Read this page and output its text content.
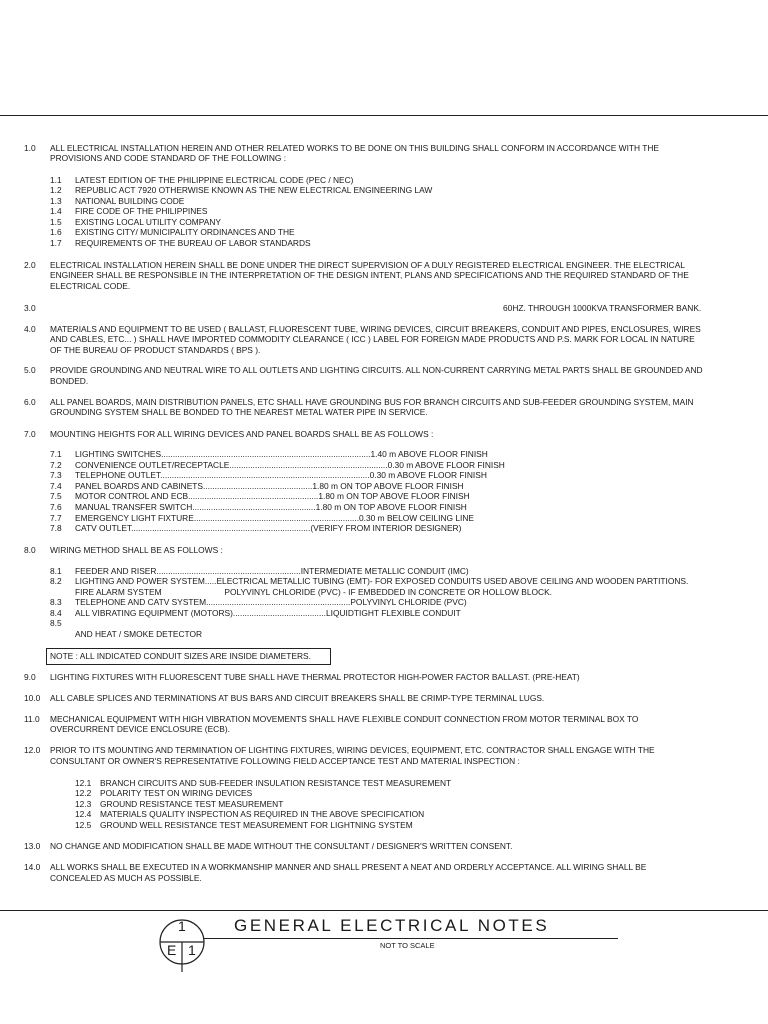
1.0 ALL ELECTRICAL INSTALLATION HEREIN AND OTHER RELATED WORKS TO BE DONE ON THIS BUILDING SHALL CONFORM IN ACCORDANCE WITH THE
PROVISIONS AND CODE STANDARD OF THE FOLLOWING :
1.1 LATEST EDITION OF THE PHILIPPINE ELECTRICAL CODE (PEC / NEC)
1.2 REPUBLIC ACT 7920 OTHERWISE KNOWN AS THE NEW ELECTRICAL ENGINEERING LAW
1.3 NATIONAL BUILDING CODE
1.4 FIRE CODE OF THE PHILIPPINES
1.5 EXISTING LOCAL UTILITY COMPANY
1.6 EXISTING CITY/ MUNICIPALITY ORDINANCES AND THE
1.7 REQUIREMENTS OF THE BUREAU OF LABOR STANDARDS
2.0 ELECTRICAL INSTALLATION HEREIN SHALL BE DONE UNDER THE DIRECT SUPERVISION OF A DULY REGISTERED ELECTRICAL ENGINEER. THE ELECTRICAL
ENGINEER SHALL BE RESPONSIBLE IN THE INTERPRETATION OF THE DESIGN INTENT, PLANS AND SPECIFICATIONS AND THE REQUIRED STANDARD OF THE
ELECTRICAL CODE.
3.0	60HZ. THROUGH 1000KVA TRANSFORMER BANK.
4.0 MATERIALS AND EQUIPMENT TO BE USED ( BALLAST, FLUORESCENT TUBE, WIRING DEVICES, CIRCUIT BREAKERS, CONDUIT AND PIPES, ENCLOSURES, WIRES
AND CABLES, ETC... ) SHALL HAVE IMPORTED COMMODITY CLEARANCE ( ICC ) LABEL FOR FOREIGN MADE PRODUCTS AND P.S. MARK FOR LOCAL IN NATURE
OF THE BUREAU OF PRODUCT STANDARDS ( BPS ).
5.0 PROVIDE GROUNDING AND NEUTRAL WIRE TO ALL OUTLETS AND LIGHTING CIRCUITS. ALL NON-CURRENT CARRYING METAL PARTS SHALL BE GROUNDED AND
BONDED.
6.0 ALL PANEL BOARDS, MAIN DISTRIBUTION PANELS, ETC SHALL HAVE GROUNDING BUS FOR BRANCH CIRCUITS AND SUB-FEEDER GROUNDING SYSTEM, MAIN
GROUNDING SYSTEM SHALL BE BONDED TO THE NEAREST METAL WATER PIPE IN SERVICE.
7.0 MOUNTING HEIGHTS FOR ALL WIRING DEVICES AND PANEL BOARDS SHALL BE AS FOLLOWS :
7.1 LIGHTING SWITCHES..........................................................................................1.40 m ABOVE FLOOR FINISH
7.2 CONVENIENCE OUTLET/RECEPTACLE....................................................................0.30 m ABOVE FLOOR FINISH
7.3 TELEPHONE OUTLET..........................................................................................0.30 m ABOVE FLOOR FINISH
7.4 PANEL BOARDS AND CABINETS...............................................1.80 m ON TOP ABOVE FLOOR FINISH
7.5 MOTOR CONTROL AND ECB........................................................1.80 m ON TOP ABOVE FLOOR FINISH
7.6 MANUAL TRANSFER SWITCH.....................................................1.80 m ON TOP ABOVE FLOOR FINISH
7.7 EMERGENCY LIGHT FIXTURE.......................................................................0.30 m BELOW CEILING LINE
7.8 CATV OUTLET.............................................................................(VERIFY FROM INTERIOR DESIGNER)
8.0 WIRING METHOD SHALL BE AS FOLLOWS :
8.1 FEEDER AND RISER..............................................................INTERMEDIATE METALLIC CONDUIT (IMC)
8.2 LIGHTING AND POWER SYSTEM.....ELECTRICAL METALLIC TUBING (EMT)- FOR EXPOSED CONDUITS USED ABOVE CEILING AND WOODEN PARTITIONS.
FIRE ALARM SYSTEM                           POLYVINYL CHLORIDE (PVC) - IF EMBEDDED IN CONCRETE OR HOLLOW BLOCK.
8.3 TELEPHONE AND CATV SYSTEM..............................................................POLYVINYL CHLORIDE (PVC)
8.4 ALL VIBRATING EQUIPMENT (MOTORS)........................................LIQUIDTIGHT FLEXIBLE CONDUIT
8.5
AND HEAT / SMOKE DETECTOR
NOTE : ALL INDICATED CONDUIT SIZES ARE INSIDE DIAMETERS.
9.0 LIGHTING FIXTURES WITH FLUORESCENT TUBE SHALL HAVE THERMAL PROTECTOR HIGH-POWER FACTOR BALLAST. (PRE-HEAT)
10.0 ALL CABLE SPLICES AND TERMINATIONS AT BUS BARS AND CIRCUIT BREAKERS SHALL BE CRIMP-TYPE TERMINAL LUGS.
11.0 MECHANICAL EQUIPMENT WITH HIGH VIBRATION MOVEMENTS SHALL HAVE FLEXIBLE CONDUIT CONNECTION FROM MOTOR TERMINAL BOX TO
OVERCURRENT DEVICE ENCLOSURE (ECB).
12.0 PRIOR TO ITS MOUNTING AND TERMINATION OF LIGHTING FIXTURES, WIRING DEVICES, EQUIPMENT, ETC. CONTRACTOR SHALL ENGAGE WITH THE
CONSULTANT OR OWNER'S REPRESENTATIVE FOLLOWING FIELD ACCEPTANCE TEST AND MATERIAL INSPECTION :
12.1 BRANCH CIRCUITS AND SUB-FEEDER INSULATION RESISTANCE TEST MEASUREMENT
12.2 POLARITY TEST ON WIRING DEVICES
12.3 GROUND RESISTANCE TEST MEASUREMENT
12.4 MATERIALS QUALITY INSPECTION AS REQUIRED IN THE ABOVE SPECIFICATION
12.5 GROUND WELL RESISTANCE TEST MEASUREMENT FOR LIGHTNING SYSTEM
13.0 NO CHANGE AND MODIFICATION SHALL BE MADE WITHOUT THE CONSULTANT / DESIGNER'S WRITTEN CONSENT.
14.0 ALL WORKS SHALL BE EXECUTED IN A WORKMANSHIP MANNER AND SHALL PRESENT A NEAT AND ORDERLY ACCEPTANCE. ALL WIRING SHALL BE
CONCEALED AS MUCH AS POSSIBLE.
1
E 1
GENERAL ELECTRICAL NOTES
NOT TO SCALE
